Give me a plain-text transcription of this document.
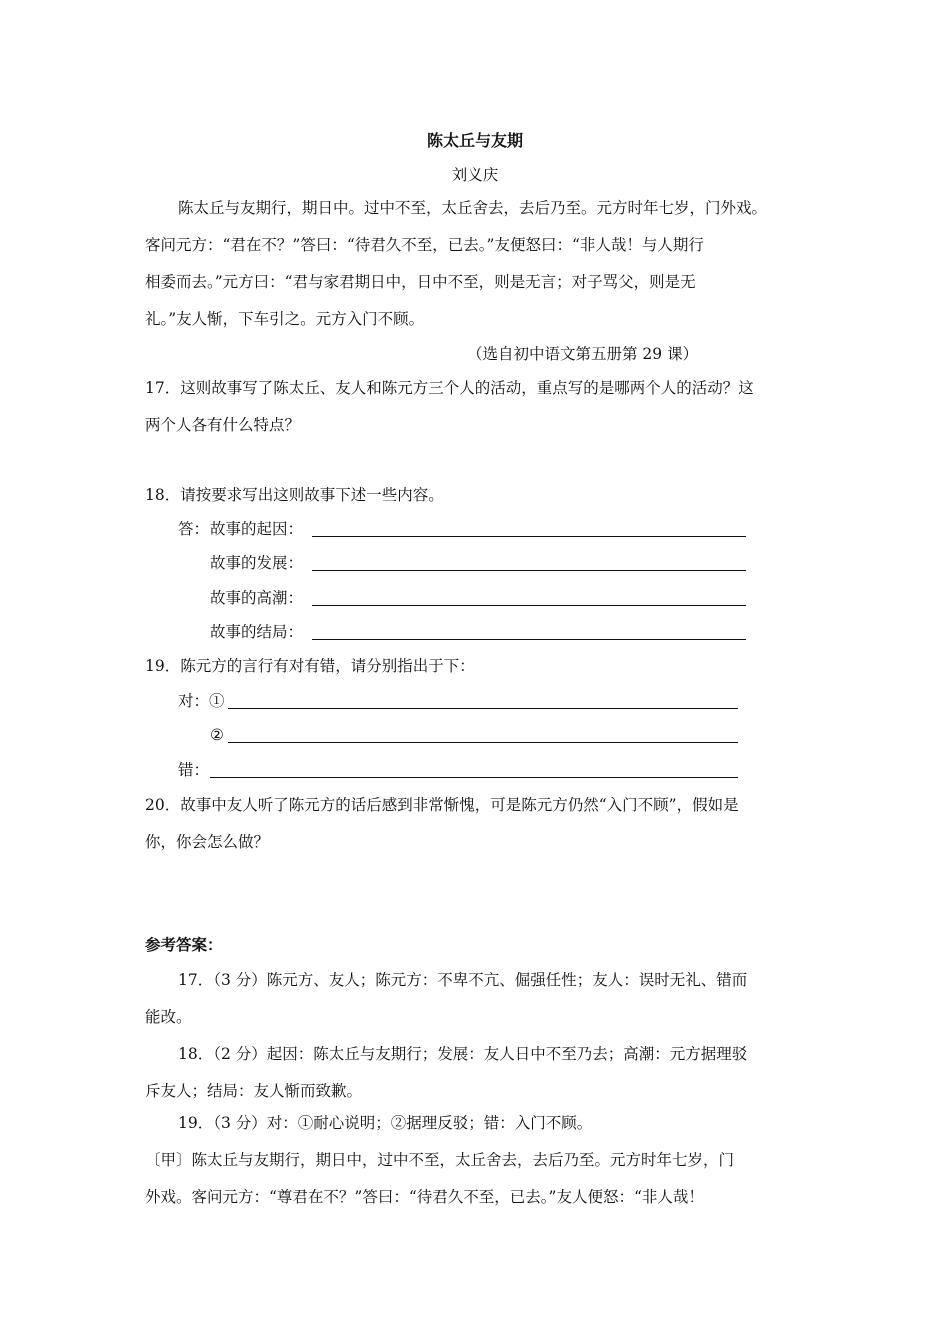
陈太丘与友期
刘义庆
陈太丘与友期行，期日中。过中不至，太丘舍去，去后乃至。元方时年七岁，门外戏。
客问元方：“君在不？”答曰：“待君久不至，已去。”友便怒曰：“非人哉！与人期行
相委而去。”元方曰：“君与家君期日中，日中不至，则是无言；对子骂父，则是无
礼。”友人惭，下车引之。元方入门不顾。
（选自初中语文第五册第 29 课）
17．这则故事写了陈太丘、友人和陈元方三个人的活动，重点写的是哪两个人的活动？这
两个人各有什么特点？
18．请按要求写出这则故事下述一些内容。
答： 故事的起因：
故事的发展：
故事的高潮：
故事的结局：
19．陈元方的言行有对有错，请分别指出于下：
对：①
②
错：
20．故事中友人听了陈元方的话后感到非常惭愧，可是陈元方仍然“入门不顾”，假如是
你，你会怎么做？
参考答案：
17．（3 分）陈元方、友人；陈元方：不卑不亢、倔强任性；友人：误时无礼、错而
能改。
18．（2 分）起因：陈太丘与友期行；发展：友人日中不至乃去；高潮：元方据理驳
斥友人；结局：友人惭而致歉。
19．（3 分）对：①耐心说明；②据理反驳；错：入门不顾。
〔甲〕陈太丘与友期行，期日中，过中不至，太丘舍去，去后乃至。元方时年七岁，门
外戏。客问元方：“尊君在不？”答曰：“待君久不至，已去。”友人便怒：“非人哉！
